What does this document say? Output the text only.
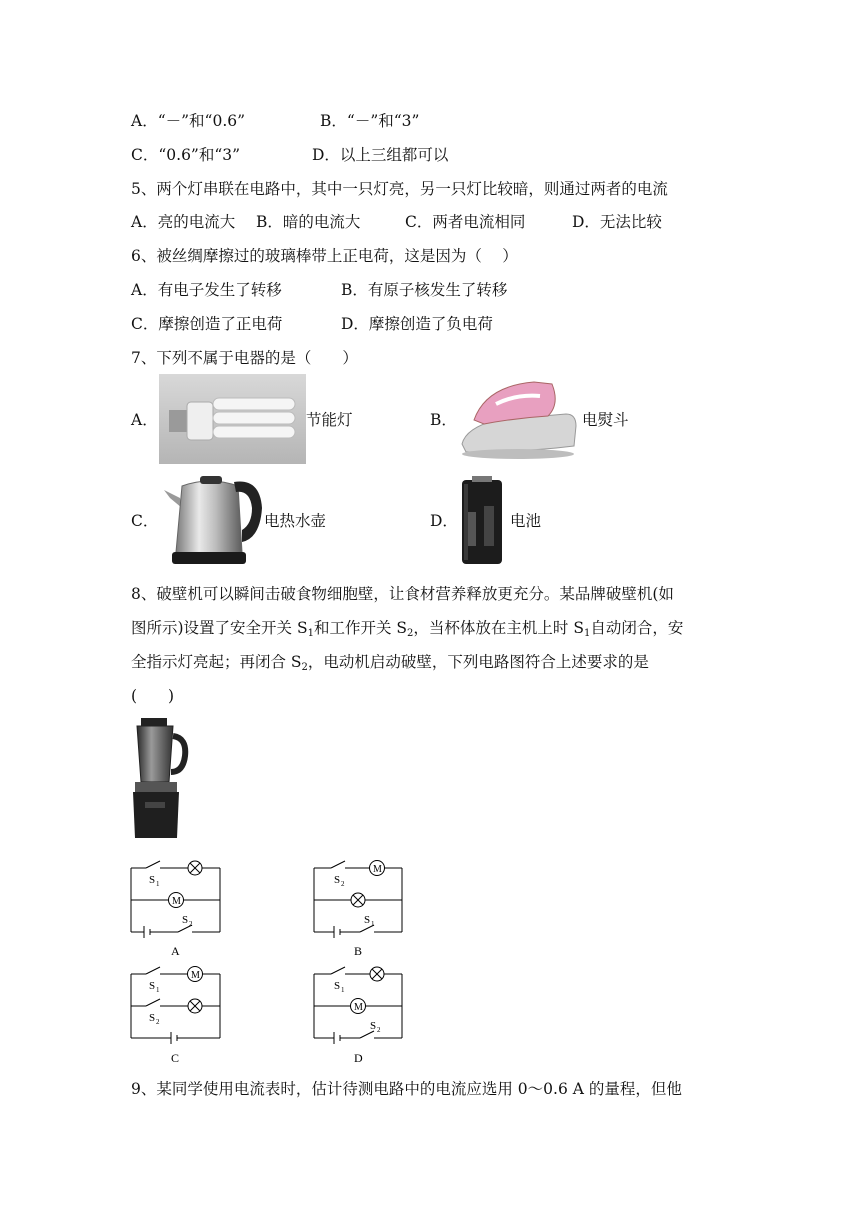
A．“－”和“0.6”	B．“－”和“3”
C．“0.6”和“3”	D．以上三组都可以
5、两个灯串联在电路中，其中一只灯亮，另一只灯比较暗，则通过两者的电流
A．亮的电流大 B．暗的电流大	C．两者电流相同	D．无法比较
6、被丝绸摩擦过的玻璃棒带上正电荷，这是因为（　 ）
A．有电子发生了转移	B．有原子核发生了转移
C．摩擦创造了正电荷	D．摩擦创造了负电荷
7、下列不属于电器的是（　　）
A．	节能灯	B．	电熨斗
C．	电热水壶	D．	电池
8、破壁机可以瞬间击破食物细胞壁，让食材营养释放更充分。某品牌破壁机(如
图所示)设置了安全开关 $S_1$和工作开关 $S_2$，当杯体放在主机上时 $S_1$自动闭合，安
全指示灯亮起；再闭合 $S_2$，电动机启动破壁，下列电路图符合上述要求的是
(　　)
M
S 1
S 2
A
M
S 2
S 1
B
M
S 1
S 2
C
M
S 1
S 2
D
9、某同学使用电流表时，估计待测电路中的电流应选用 0～0.6 A 的量程，但他
